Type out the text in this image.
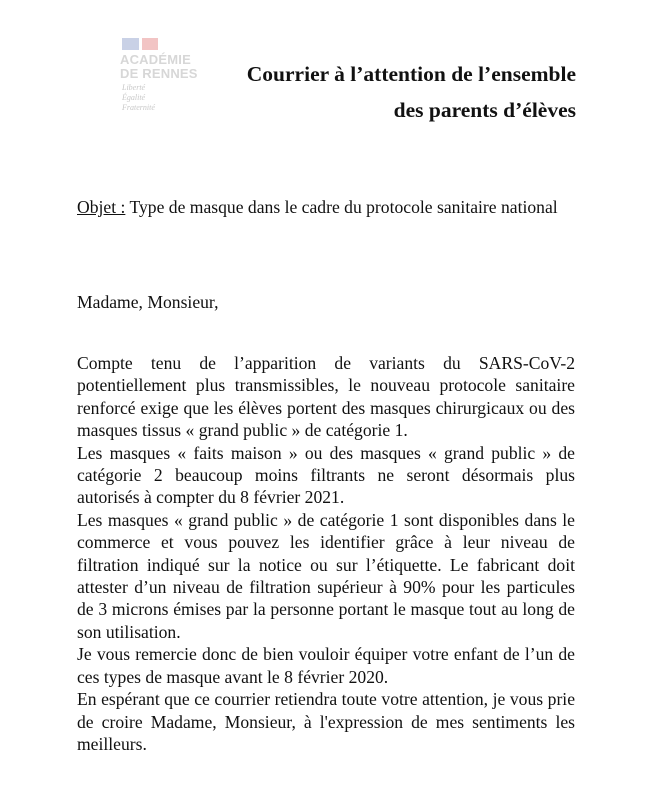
ACADÉMIE
DE RENNES
Liberté
Égalité
Fraternité
Courrier à l’attention de l’ensemble
des parents d’élèves
Objet : Type de masque dans le cadre du protocole sanitaire national
Madame, Monsieur,

Compte tenu de l’apparition de variants du SARS-CoV-2 potentiellement plus transmissibles, le nouveau protocole sanitaire renforcé exige que les élèves portent des masques chirurgicaux ou des masques tissus « grand public » de catégorie 1.

Les masques « faits maison » ou des masques « grand public » de catégorie 2 beaucoup moins filtrants ne seront désormais plus autorisés à compter du 8 février 2021.

Les masques « grand public » de catégorie 1 sont disponibles dans le commerce et vous pouvez les identifier grâce à leur niveau de filtration indiqué sur la notice ou sur l’étiquette. Le fabricant doit attester d’un niveau de filtration supérieur à 90% pour les particules de 3 microns émises par la personne portant le masque tout au long de son utilisation.

Je vous remercie donc de bien vouloir équiper votre enfant de l’un de ces types de masque avant le 8 février 2020.

En espérant que ce courrier retiendra toute votre attention, je vous prie de croire Madame, Monsieur, à l'expression de mes sentiments les meilleurs.
